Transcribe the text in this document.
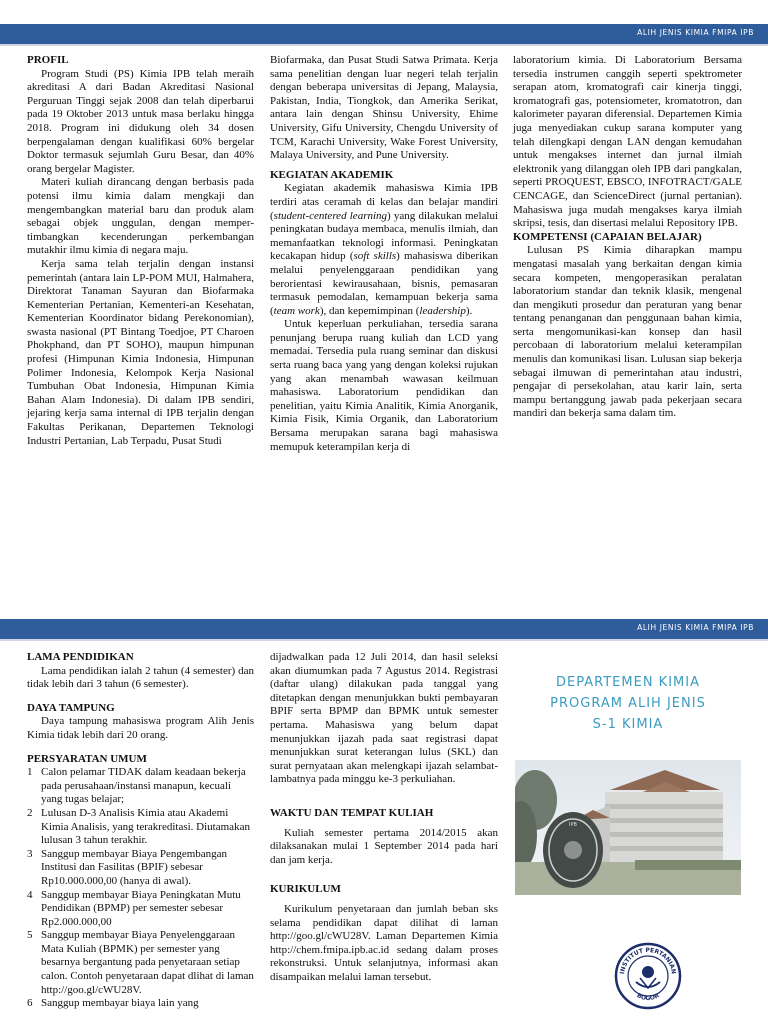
ALIH JENIS KIMIA FMIPA IPB
ALIH JENIS KIMIA FMIPA IPB
PROFIL

Program Studi (PS) Kimia IPB telah meraih akreditasi A dari Badan Akreditasi Nasional Perguruan Tinggi sejak 2008 dan telah diperbarui pada 19 Oktober 2013 untuk masa berlaku hingga 2018. Program ini didukung oleh 34 dosen berpengalaman dengan kualifikasi 60% bergelar Doktor termasuk sejumlah Guru Besar, dan 40% orang bergelar Magister.

Materi kuliah dirancang dengan berbasis pada potensi ilmu kimia dalam mengkaji dan mengembangkan material baru dan produk alam sebagai objek unggulan, dengan memper-timbangkan kecenderungan perkembangan mutakhir ilmu kimia di negara maju.

Kerja sama telah terjalin dengan instansi pemerintah (antara lain LP-POM MUI, Halmahera, Direktorat Tanaman Sayuran dan Biofarmaka Kementerian Pertanian, Kementeri-an Kesehatan, Kementerian Koordinator bidang Perekonomian), swasta nasional (PT Bintang Toedjoe, PT Charoen Phokphand, dan PT SOHO), maupun himpunan profesi (Himpunan Kimia Indonesia, Himpunan Polimer Indonesia, Kelompok Kerja Nasional Tumbuhan Obat Indonesia, Himpunan Kimia Bahan Alam Indonesia). Di dalam IPB sendiri, jejaring kerja sama internal di IPB terjalin dengan Fakultas Perikanan, Departemen Teknologi Industri Pertanian, Lab Terpadu, Pusat Studi

Biofarmaka, dan Pusat Studi Satwa Primata. Kerja sama penelitian dengan luar negeri telah terjalin dengan beberapa universitas di Jepang, Malaysia, Pakistan, India, Tiongkok, dan Amerika Serikat, antara lain dengan Shinsu University, Ehime University, Gifu University, Chengdu University of TCM, Karachi University, Wake Forest University, Malaya University, and Pune University.

KEGIATAN AKADEMIK

Kegiatan akademik mahasiswa Kimia IPB terdiri atas ceramah di kelas dan belajar mandiri (student-centered learning) yang dilakukan melalui peningkatan budaya membaca, menulis ilmiah, dan memanfaatkan teknologi informasi. Peningkatan kecakapan hidup (soft skills) mahasiswa diberikan melalui penyelenggaraan pendidikan yang berorientasi kewirausahaan, bisnis, pemasaran termasuk pemodalan, kemampuan bekerja sama (team work), dan kepemimpinan (leadership).

Untuk keperluan perkuliahan, tersedia sarana penunjang berupa ruang kuliah dan LCD yang memadai. Tersedia pula ruang seminar dan diskusi serta ruang baca yang yang dengan koleksi rujukan yang akan menambah wawasan keilmuan mahasiswa. Laboratorium pendidikan dan penelitian, yaitu Kimia Analitik, Kimia Anorganik, Kimia Fisik, Kimia Organik, dan Laboratorium Bersama merupakan sarana bagi mahasiswa memupuk keterampilan kerja di

laboratorium kimia. Di Laboratorium Bersama tersedia instrumen canggih seperti spektrometer serapan atom, kromatografi cair kinerja tinggi, kromatografi gas, potensiometer, kromatotron, dan kalorimeter payaran diferensial. Departemen Kimia juga menyediakan cukup sarana komputer yang telah dilengkapi dengan LAN dengan kemudahan untuk mengakses internet dan jurnal ilmiah elektronik yang dilanggan oleh IPB dari pangkalan, seperti PROQUEST, EBSCO, INFOTRACT/GALE CENCAGE, dan ScienceDirect (jurnal pertanian). Mahasiswa juga mudah mengakses karya ilmiah skripsi, tesis, dan disertasi melalui Repository IPB.

KOMPETENSI (CAPAIAN BELAJAR)

Lulusan PS Kimia diharapkan mampu mengatasi masalah yang berkaitan dengan kimia secara kompeten, mengoperasikan peralatan laboratorium standar dan teknik klasik, mengenal dan mengikuti prosedur dan peraturan yang benar tentang penanganan dan penggunaan bahan kimia, serta mengomunikasi-kan konsep dan hasil percobaan di laboratorium melalui keterampilan menulis dan komunikasi lisan. Lulusan siap bekerja sebagai ilmuwan di pemerintahan atau industri, pengajar di persekolahan, atau karir lain, serta mampu bertanggung jawab pada pekerjaan secara mandiri dan bekerja sama dalam tim.

LAMA PENDIDIKAN

Lama pendidikan ialah 2 tahun (4 semester) dan tidak lebih dari 3 tahun (6 semester).

DAYA TAMPUNG

Daya tampung mahasiswa program Alih Jenis Kimia tidak lebih dari 20 orang.

PERSYARATAN UMUM
1 Calon pelamar TIDAK dalam keadaan bekerja pada perusahaan/instansi manapun, kecuali yang tugas belajar;
2 Lulusan D-3 Analisis Kimia atau Akademi Kimia Analisis, yang terakreditasi. Diutamakan lulusan 3 tahun terakhir.
3 Sanggup membayar Biaya Pengembangan Institusi dan Fasilitas (BPIF) sebesar Rp10.000.000,00 (hanya di awal).
4 Sanggup membayar Biaya Peningkatan Mutu Pendidikan (BPMP) per semester sebesar Rp2.000.000,00
5 Sanggup membayar Biaya Penyelenggaraan Mata Kuliah (BPMK) per semester yang besarnya bergantung pada penyetaraan setiap calon. Contoh penyetaraan dapat dlihat di laman http://goo.gl/cWU28V.
6 Sanggup membayar biaya lain yang

dijadwalkan pada 12 Juli 2014, dan hasil seleksi akan diumumkan pada 7 Agustus 2014. Registrasi (daftar ulang) dilakukan pada tanggal yang ditetapkan dengan menunjukkan bukti pembayaran BPIF serta BPMP dan BPMK untuk semester pertama. Mahasiswa yang belum dapat menunjukkan ijazah pada saat registrasi dapat menunjukkan surat keterangan lulus (SKL) dan surat pernyataan akan melengkapi ijazah selambat-lambatnya pada minggu ke-3 perkuliahan.

WAKTU DAN TEMPAT KULIAH

Kuliah semester pertama 2014/2015 akan dilaksanakan mulai 1 September 2014 pada hari dan jam kerja.

KURIKULUM

Kurikulum penyetaraan dan jumlah beban sks selama pendidikan dapat dilihat di laman http://goo.gl/cWU28V. Laman Departemen Kimia http://chem.fmipa.ipb.ac.id sedang dalam proses rekonstruksi. Untuk selanjutnya, informasi akan disampaikan melalui laman tersebut.

DEPARTEMEN KIMIA
PROGRAM ALIH JENIS
S-1 KIMIA
IPB
INSTITUT PERTANIAN
BOGOR
